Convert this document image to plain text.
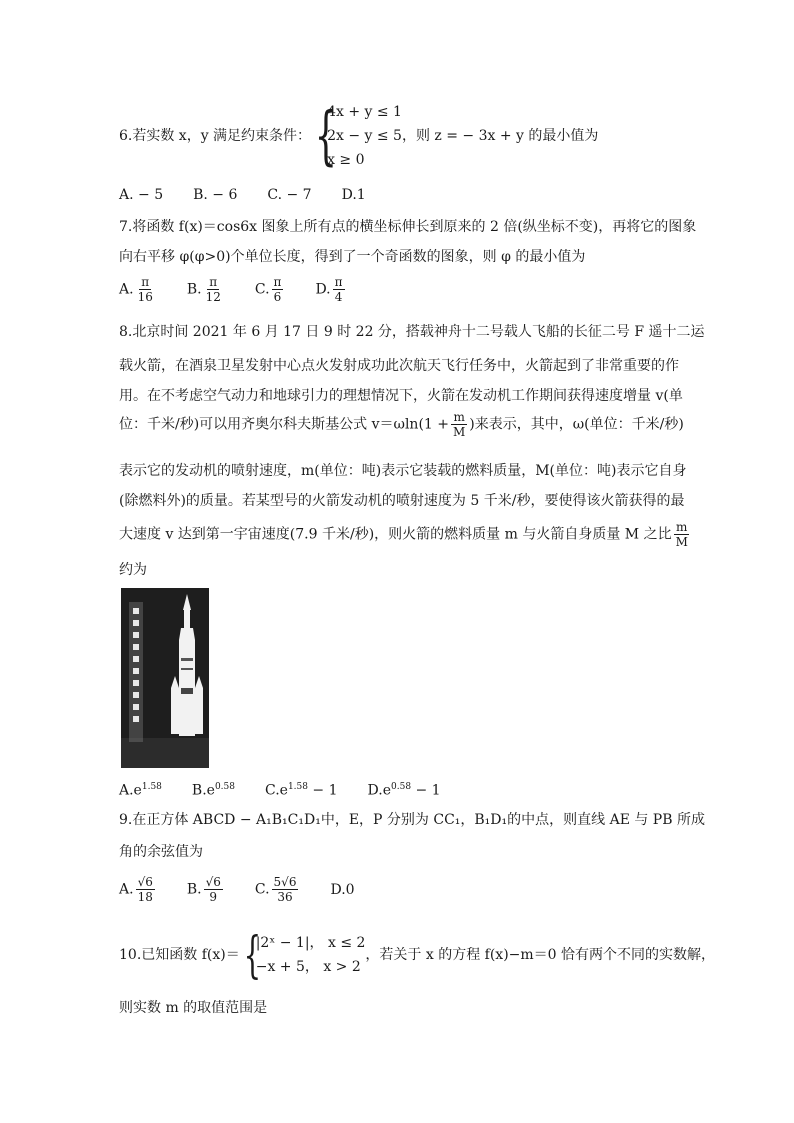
6.若实数 x，y 满足约束条件： {
4x + y ≤ 1
2x − y ≤ 5
x ≥ 0
，则 z = − 3x + y 的最小值为
A. − 5 B. − 6 C. − 7 D.1
7.将函数 f(x)＝cos6x 图象上所有点的横坐标伸长到原来的 2 倍(纵坐标不变)，再将它的图象
向右平移 φ(φ>0)个单位长度，得到了一个奇函数的图象，则 φ 的最小值为
A. $\frac{\pi}{16} B$. $\frac{\pi}{12} C$. $\frac{\pi}{6} D$. $\frac{\pi}{4}$
8.北京时间 2021 年 6 月 17 日 9 时 22 分，搭载神舟十二号载人飞船的长征二号 F 遥十二运
载火箭，在酒泉卫星发射中心点火发射成功此次航天飞行任务中，火箭起到了非常重要的作
用。在不考虑空气动力和地球引力的理想情况下，火箭在发动机工作期间获得速度增量 v(单
位：千米/秒)可以用齐奥尔科夫斯基公式 $v=\omega\ln(1 + \frac{m}{M}$ )来表示，其中，ω(单位：千米/秒)
表示它的发动机的喷射速度，m(单位：吨)表示它装载的燃料质量，M(单位：吨)表示它自身
(除燃料外)的质量。若某型号的火箭发动机的喷射速度为 5 千米/秒，要使得该火箭获得的最
大速度 v 达到第一宇宙速度(7.9 千米/秒)，则火箭的燃料质量 m 与火箭自身质量 M 之比 $\frac{m}{M}$
约为
$A.e^{1.58}$ $B.e^{0.58}$ $C.e^{1.58} - 1$ $D.e^{0.58} - 1$
9.在正方体 ABCD − A₁B₁C₁D₁中，E，P 分别为 CC₁，B₁D₁的中点，则直线 AE 与 PB 所成
角的余弦值为
A. $\frac{√6}{18} B$. $\frac{√6}{9} C$. $\frac{5√6}{36} D.0$
10.已知函数 f(x)＝ {
|2ˣ − 1|， x ≤ 2
−x + 5， x > 2
，若关于 x 的方程 f(x)−m＝0 恰有两个不同的实数解，
则实数 m 的取值范围是
